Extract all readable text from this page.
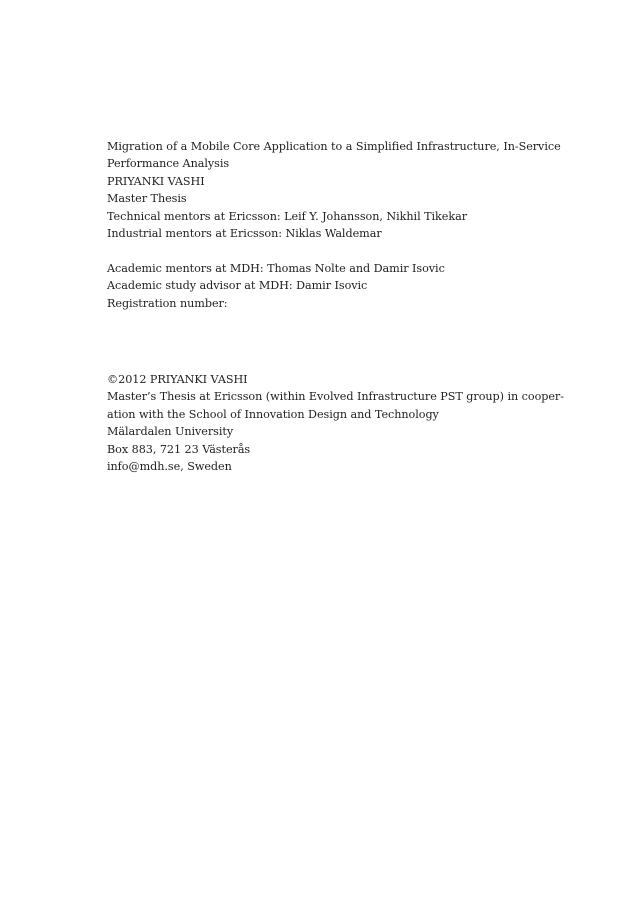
Migration of a Mobile Core Application to a Simplified Infrastructure, In-Service
Performance Analysis
PRIYANKI VASHI
Master Thesis
Technical mentors at Ericsson: Leif Y. Johansson, Nikhil Tikekar
Industrial mentors at Ericsson: Niklas Waldemar
Academic mentors at MDH: Thomas Nolte and Damir Isovic
Academic study advisor at MDH: Damir Isovic
Registration number:
©2012 PRIYANKI VASHI
Master’s Thesis at Ericsson (within Evolved Infrastructure PST group) in cooper-
ation with the School of Innovation Design and Technology
Mälardalen University
Box 883, 721 23 Västerås
info@mdh.se, Sweden
